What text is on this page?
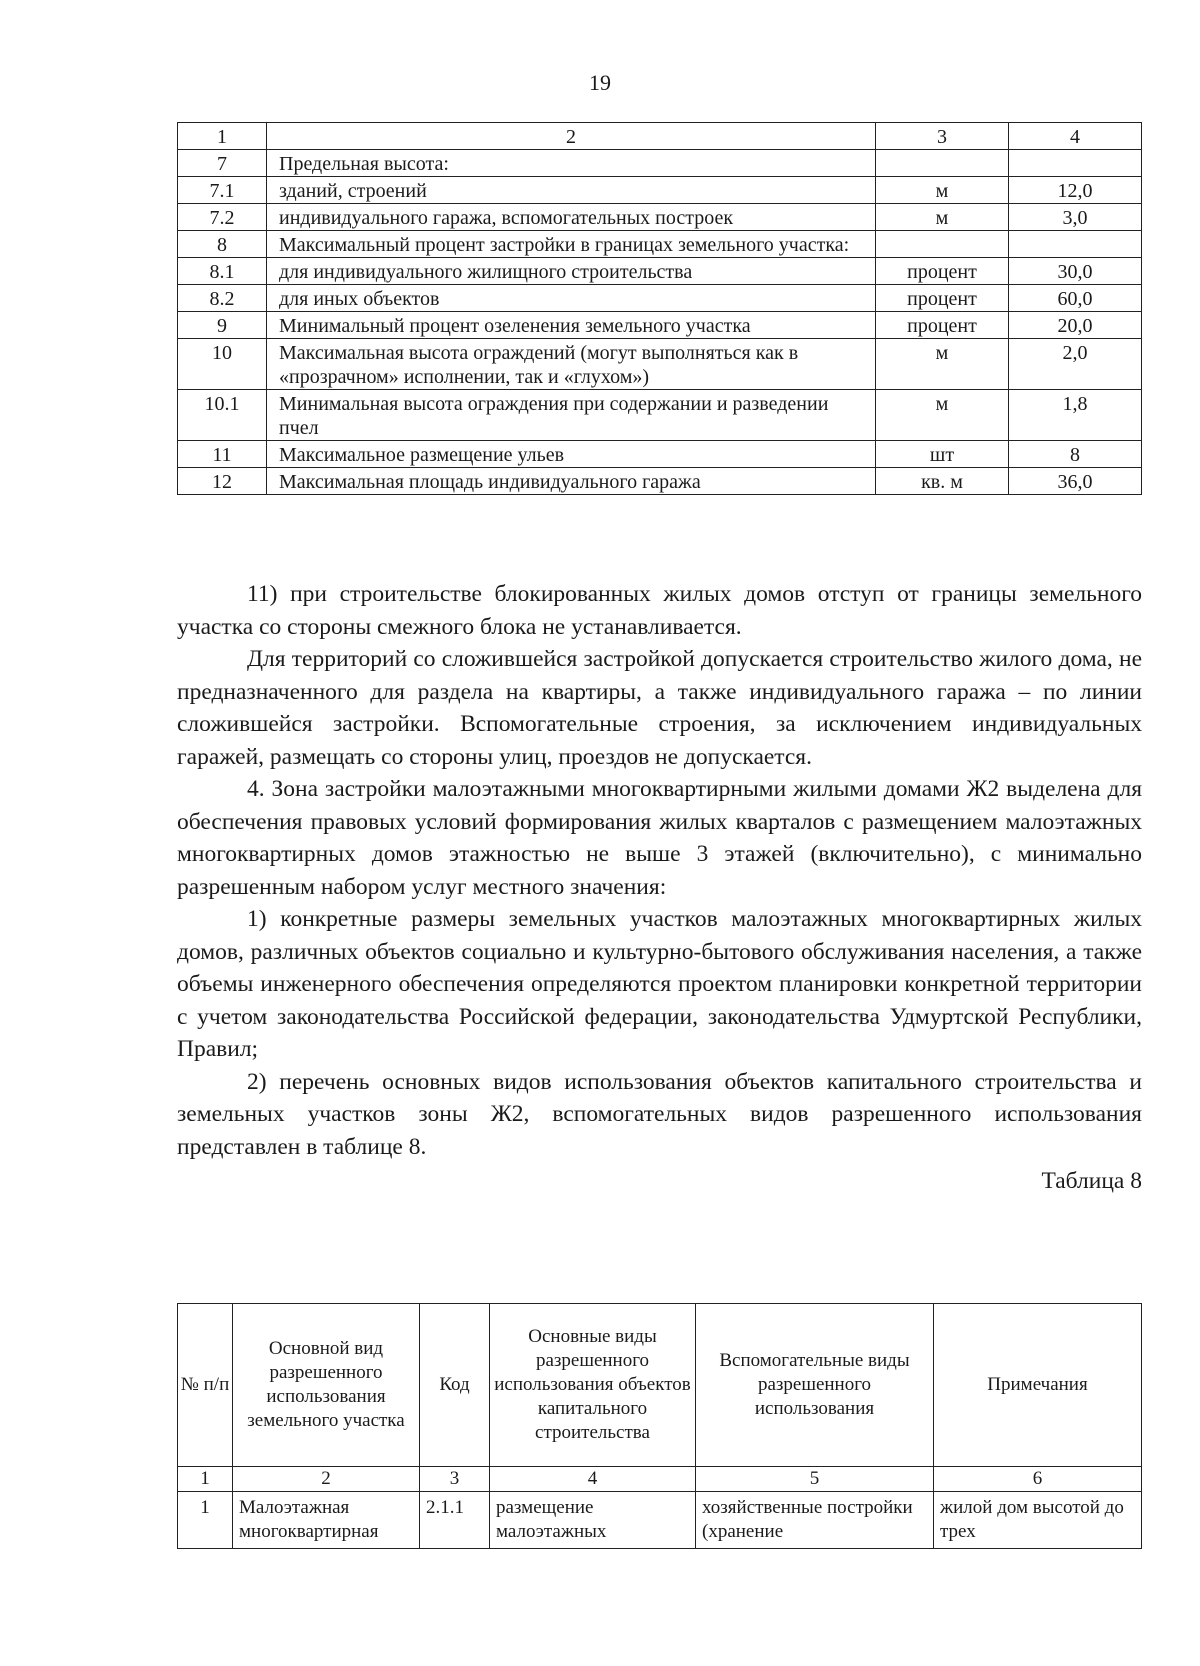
19
1	2	3	4
7	Предельная высота:		
7.1	зданий, строений	м	12,0
7.2	индивидуального гаража, вспомогательных построек	м	3,0
8	Максимальный процент застройки в границах земельного участка:		
8.1	для индивидуального жилищного строительства	процент	30,0
8.2	для иных объектов	процент	60,0
9	Минимальный процент озеленения земельного участка	процент	20,0
10	Максимальная высота ограждений (могут выполняться как в «прозрачном» исполнении, так и «глухом»)	м	2,0
10.1	Минимальная высота ограждения при содержании и разведении пчел	м	1,8
11	Максимальное размещение ульев	шт	8
12	Максимальная площадь индивидуального гаража	кв. м	36,0

11) при строительстве блокированных жилых домов отступ от границы земельного участка со стороны смежного блока не устанавливается.

Для территорий со сложившейся застройкой допускается строительство жилого дома, не предназначенного для раздела на квартиры, а также индивидуального гаража – по линии сложившейся застройки. Вспомогательные строения, за исключением индивидуальных гаражей, размещать со стороны улиц, проездов не допускается.

4. Зона застройки малоэтажными многоквартирными жилыми домами Ж2 выделена для обеспечения правовых условий формирования жилых кварталов с размещением малоэтажных многоквартирных домов этажностью не выше 3 этажей (включительно), с минимально разрешенным набором услуг местного значения:

1) конкретные размеры земельных участков малоэтажных многоквартирных жилых домов, различных объектов социально и культурно-бытового обслуживания населения, а также объемы инженерного обеспечения определяются проектом планировки конкретной территории с учетом законодательства Российской федерации, законодательства Удмуртской Республики, Правил;

2) перечень основных видов использования объектов капитального строительства и земельных участков зоны Ж2, вспомогательных видов разрешенного использования представлен в таблице 8.

Таблица 8

№ п/п	Основной вид разрешенного использования земельного участка	Код	Основные виды разрешенного использования объектов капитального строительства	Вспомогательные виды разрешенного использования	Примечания
1	2	3	4	5	6
1	Малоэтажная многоквартирная	2.1.1	размещение малоэтажных	хозяйственные постройки (хранение	жилой дом высотой до трех
